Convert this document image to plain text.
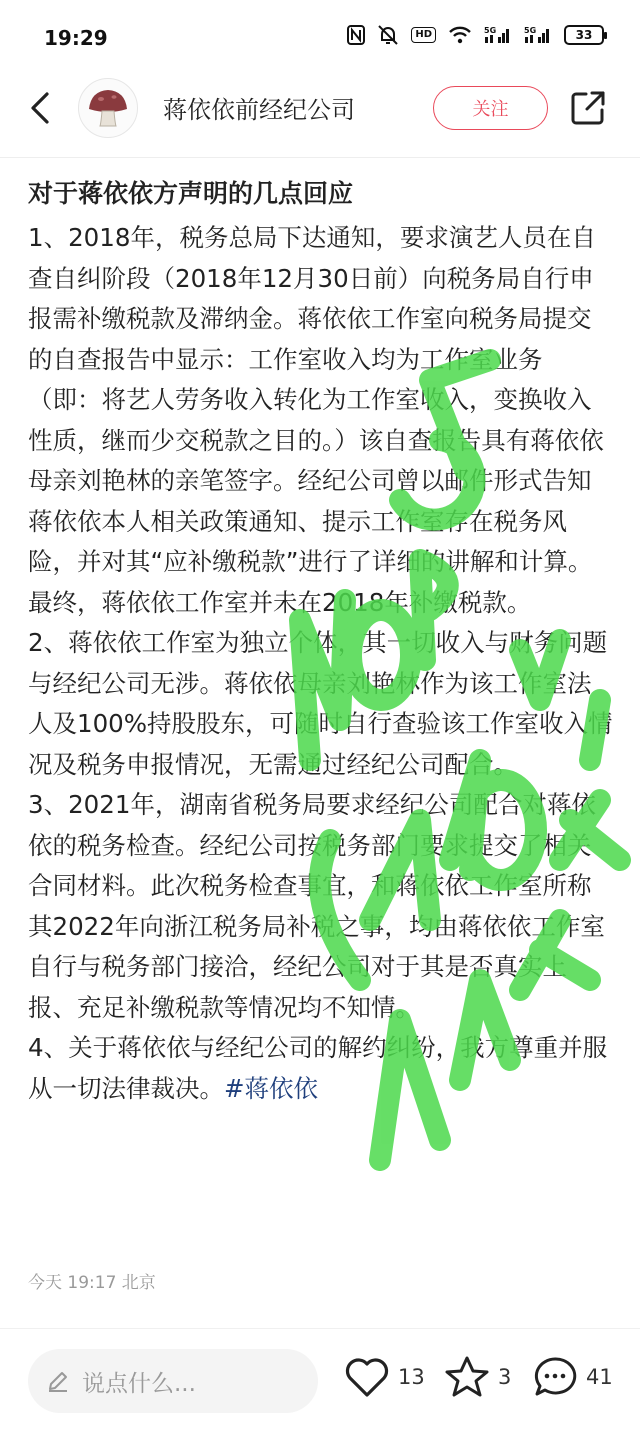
19:29	HD	5G	5G	33
蒋依依前经纪公司	关注
对于蒋依依方声明的几点回应

1、2018年，税务总局下达通知，要求演艺人员在自查自纠阶段（2018年12月30日前）向税务局自行申报需补缴税款及滞纳金。蒋依依工作室向税务局提交的自查报告中显示：工作室收入均为工作室业务（即：将艺人劳务收入转化为工作室收入，变换收入性质，继而少交税款之目的。）该自查报告具有蒋依依母亲刘艳林的亲笔签字。经纪公司曾以邮件形式告知蒋依依本人相关政策通知、提示工作室存在税务风险，并对其“应补缴税款”进行了详细的讲解和计算。最终，蒋依依工作室并未在2018年补缴税款。

2、蒋依依工作室为独立个体，其一切收入与财务问题与经纪公司无涉。蒋依依母亲刘艳林作为该工作室法人及100%持股股东，可随时自行查验该工作室收入情况及税务申报情况，无需通过经纪公司配合。

3、2021年，湖南省税务局要求经纪公司配合对蒋依依的税务检查。经纪公司按税务部门要求提交了相关合同材料。此次税务检查事宜，和蒋依依工作室所称其2022年向浙江税务局补税之事，均由蒋依依工作室自行与税务部门接洽，经纪公司对于其是否真实上报、充足补缴税款等情况均不知情。

4、关于蒋依依与经纪公司的解约纠纷，我方尊重并服从一切法律裁决。#蒋依依

今天 19:17 北京
说点什么...	13	3	41
